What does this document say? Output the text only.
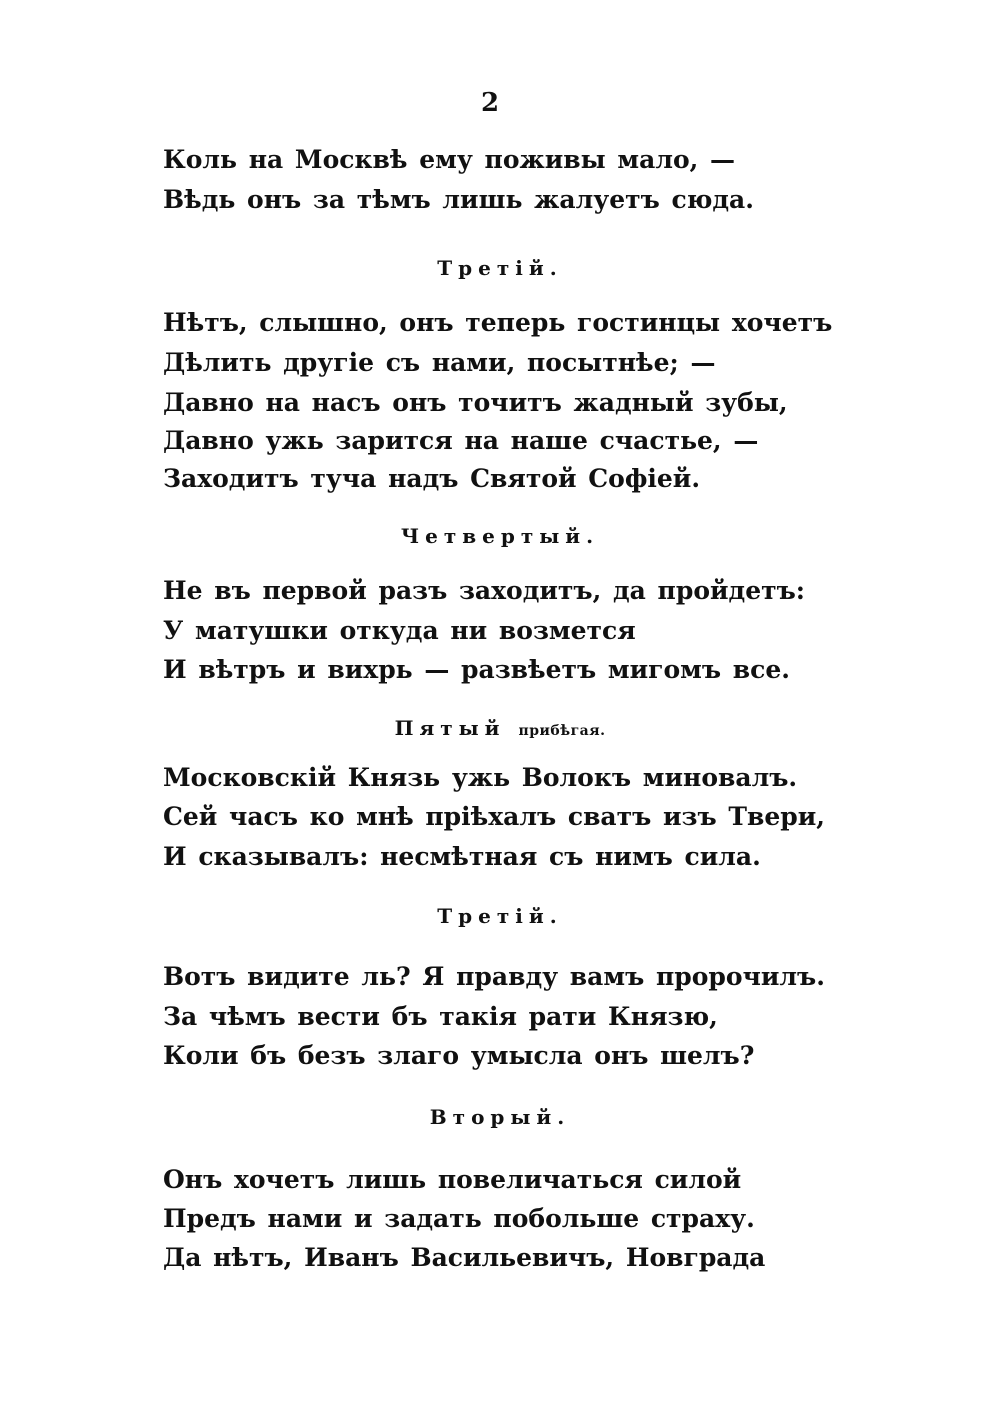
2
Коль на Москвѣ ему поживы мало, —
Вѣдь онъ за тѣмъ лишь жалуетъ сюда.
Третій.
Нѣтъ, слышно, онъ теперь гостинцы хочетъ
Дѣлить другіе съ нами, посытнѣе; —
Давно на насъ онъ точитъ жадный зубы,
Давно ужь зарится на наше счастье, —
Заходитъ туча надъ Святой Софіей.
Четвертый.
Не въ первой разъ заходитъ, да пройдетъ:
У матушки откуда ни возмется
И вѣтръ и вихрь — развѣетъ мигомъ все.
Пятый прибѣгая.
Московскій Князь ужь Волокъ миновалъ.
Сей часъ ко мнѣ пріѣхалъ сватъ изъ Твери,
И сказывалъ: несмѣтная съ нимъ сила.
Третій.
Вотъ видите ль? Я правду вамъ пророчилъ.
За чѣмъ вести бъ такія рати Князю,
Коли бъ безъ злаго умысла онъ шелъ?
Вторый.
Онъ хочетъ лишь повеличаться силой
Предъ нами и задать побольше страху.
Да нѣтъ, Иванъ Васильевичъ, Новграда
